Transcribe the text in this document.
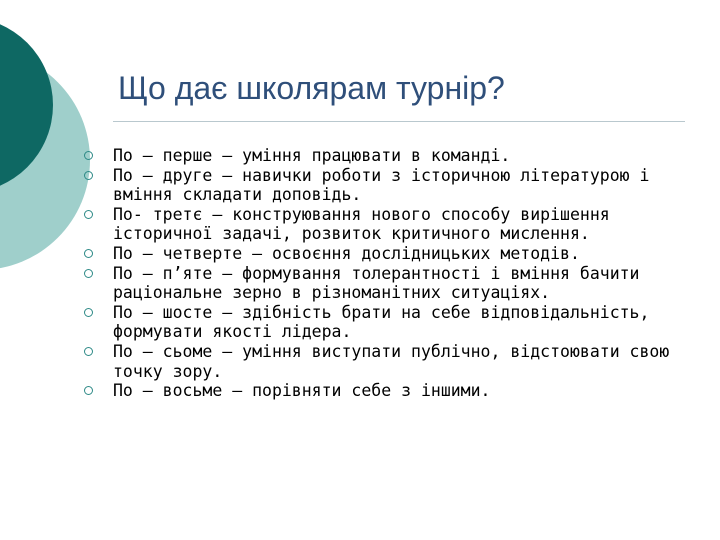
Що дає школярам турнір?
По – перше – уміння працювати в команді.
По – друге – навички роботи з історичною літературою і вміння складати доповідь.
По- третє – конструювання нового способу вирішення історичної задачі, розвиток критичного мислення.
По – четверте – освоєння дослідницьких методів.
По – п’яте – формування толерантності і вміння бачити раціональне зерно в різноманітних ситуаціях.
По – шосте – здібність брати на себе відповідальність, формувати якості лідера.
По – сьоме – уміння виступати публічно, відстоювати свою точку зору.
По – восьме – порівняти себе з іншими.
